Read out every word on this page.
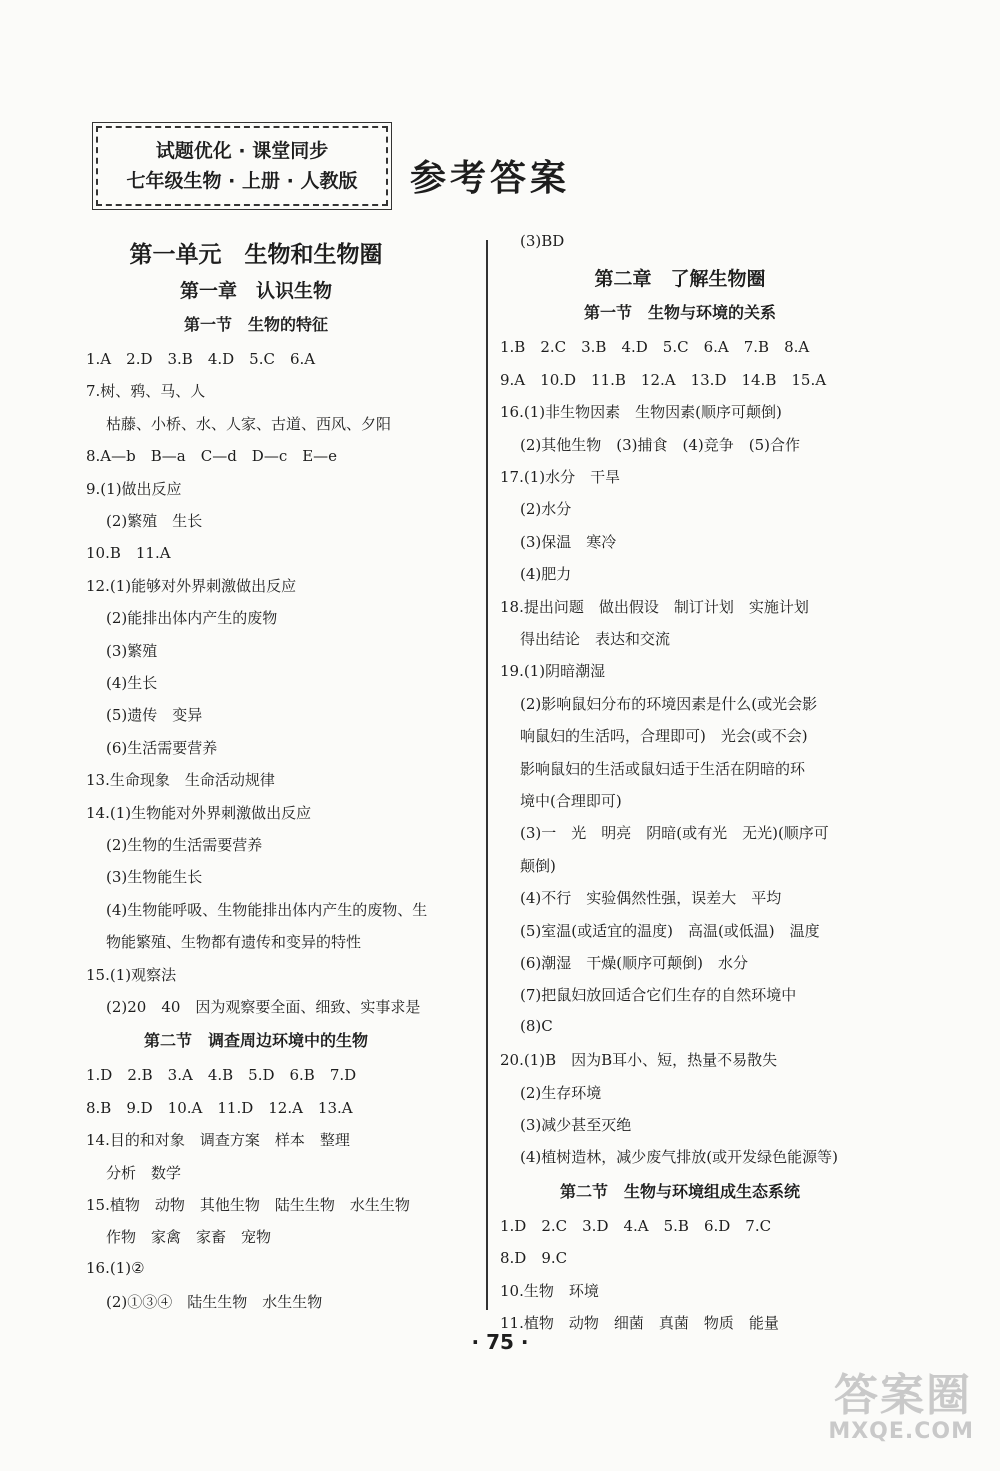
试题优化 · 课堂同步
七年级生物 · 上册 · 人教版 参考答案
第一单元　生物和生物圈
第一章　认识生物
第一节　生物的特征
1.A　2.D　3.B　4.D　5.C　6.A
7.树、鸦、马、人
枯藤、小桥、水、人家、古道、西风、夕阳
8.A—b　B—a　C—d　D—c　E—e
9.(1)做出反应
(2)繁殖　生长
10.B　11.A
12.(1)能够对外界刺激做出反应
(2)能排出体内产生的废物
(3)繁殖
(4)生长
(5)遗传　变异
(6)生活需要营养
13.生命现象　生命活动规律
14.(1)生物能对外界刺激做出反应
(2)生物的生活需要营养
(3)生物能生长
(4)生物能呼吸、生物能排出体内产生的废物、生
物能繁殖、生物都有遗传和变异的特性
15.(1)观察法
(2)20　40　因为观察要全面、细致、实事求是
第二节　调查周边环境中的生物
1.D　2.B　3.A　4.B　5.D　6.B　7.D
8.B　9.D　10.A　11.D　12.A　13.A
14.目的和对象　调查方案　样本　整理
分析　数学
15.植物　动物　其他生物　陆生生物　水生生物
作物　家禽　家畜　宠物
16.(1)②
(2)①③④　陆生生物　水生生物
(3)BD
第二章　了解生物圈
第一节　生物与环境的关系
1.B　2.C　3.B　4.D　5.C　6.A　7.B　8.A
9.A　10.D　11.B　12.A　13.D　14.B　15.A
16.(1)非生物因素　生物因素(顺序可颠倒)
(2)其他生物　(3)捕食　(4)竞争　(5)合作
17.(1)水分　干旱
(2)水分
(3)保温　寒冷
(4)肥力
18.提出问题　做出假设　制订计划　实施计划
得出结论　表达和交流
19.(1)阴暗潮湿
(2)影响鼠妇分布的环境因素是什么(或光会影
响鼠妇的生活吗，合理即可)　光会(或不会)
影响鼠妇的生活或鼠妇适于生活在阴暗的环
境中(合理即可)
(3)一　光　明亮　阴暗(或有光　无光)(顺序可
颠倒)
(4)不行　实验偶然性强，误差大　平均
(5)室温(或适宜的温度)　高温(或低温)　温度
(6)潮湿　干燥(顺序可颠倒)　水分
(7)把鼠妇放回适合它们生存的自然环境中
(8)C
20.(1)B　因为B耳小、短，热量不易散失
(2)生存环境
(3)减少甚至灭绝
(4)植树造林，减少废气排放(或开发绿色能源等)
第二节　生物与环境组成生态系统
1.D　2.C　3.D　4.A　5.B　6.D　7.C
8.D　9.C
10.生物　环境
11.植物　动物　细菌　真菌　物质　能量
· 75 ·
答案圈
MXQE.COM
